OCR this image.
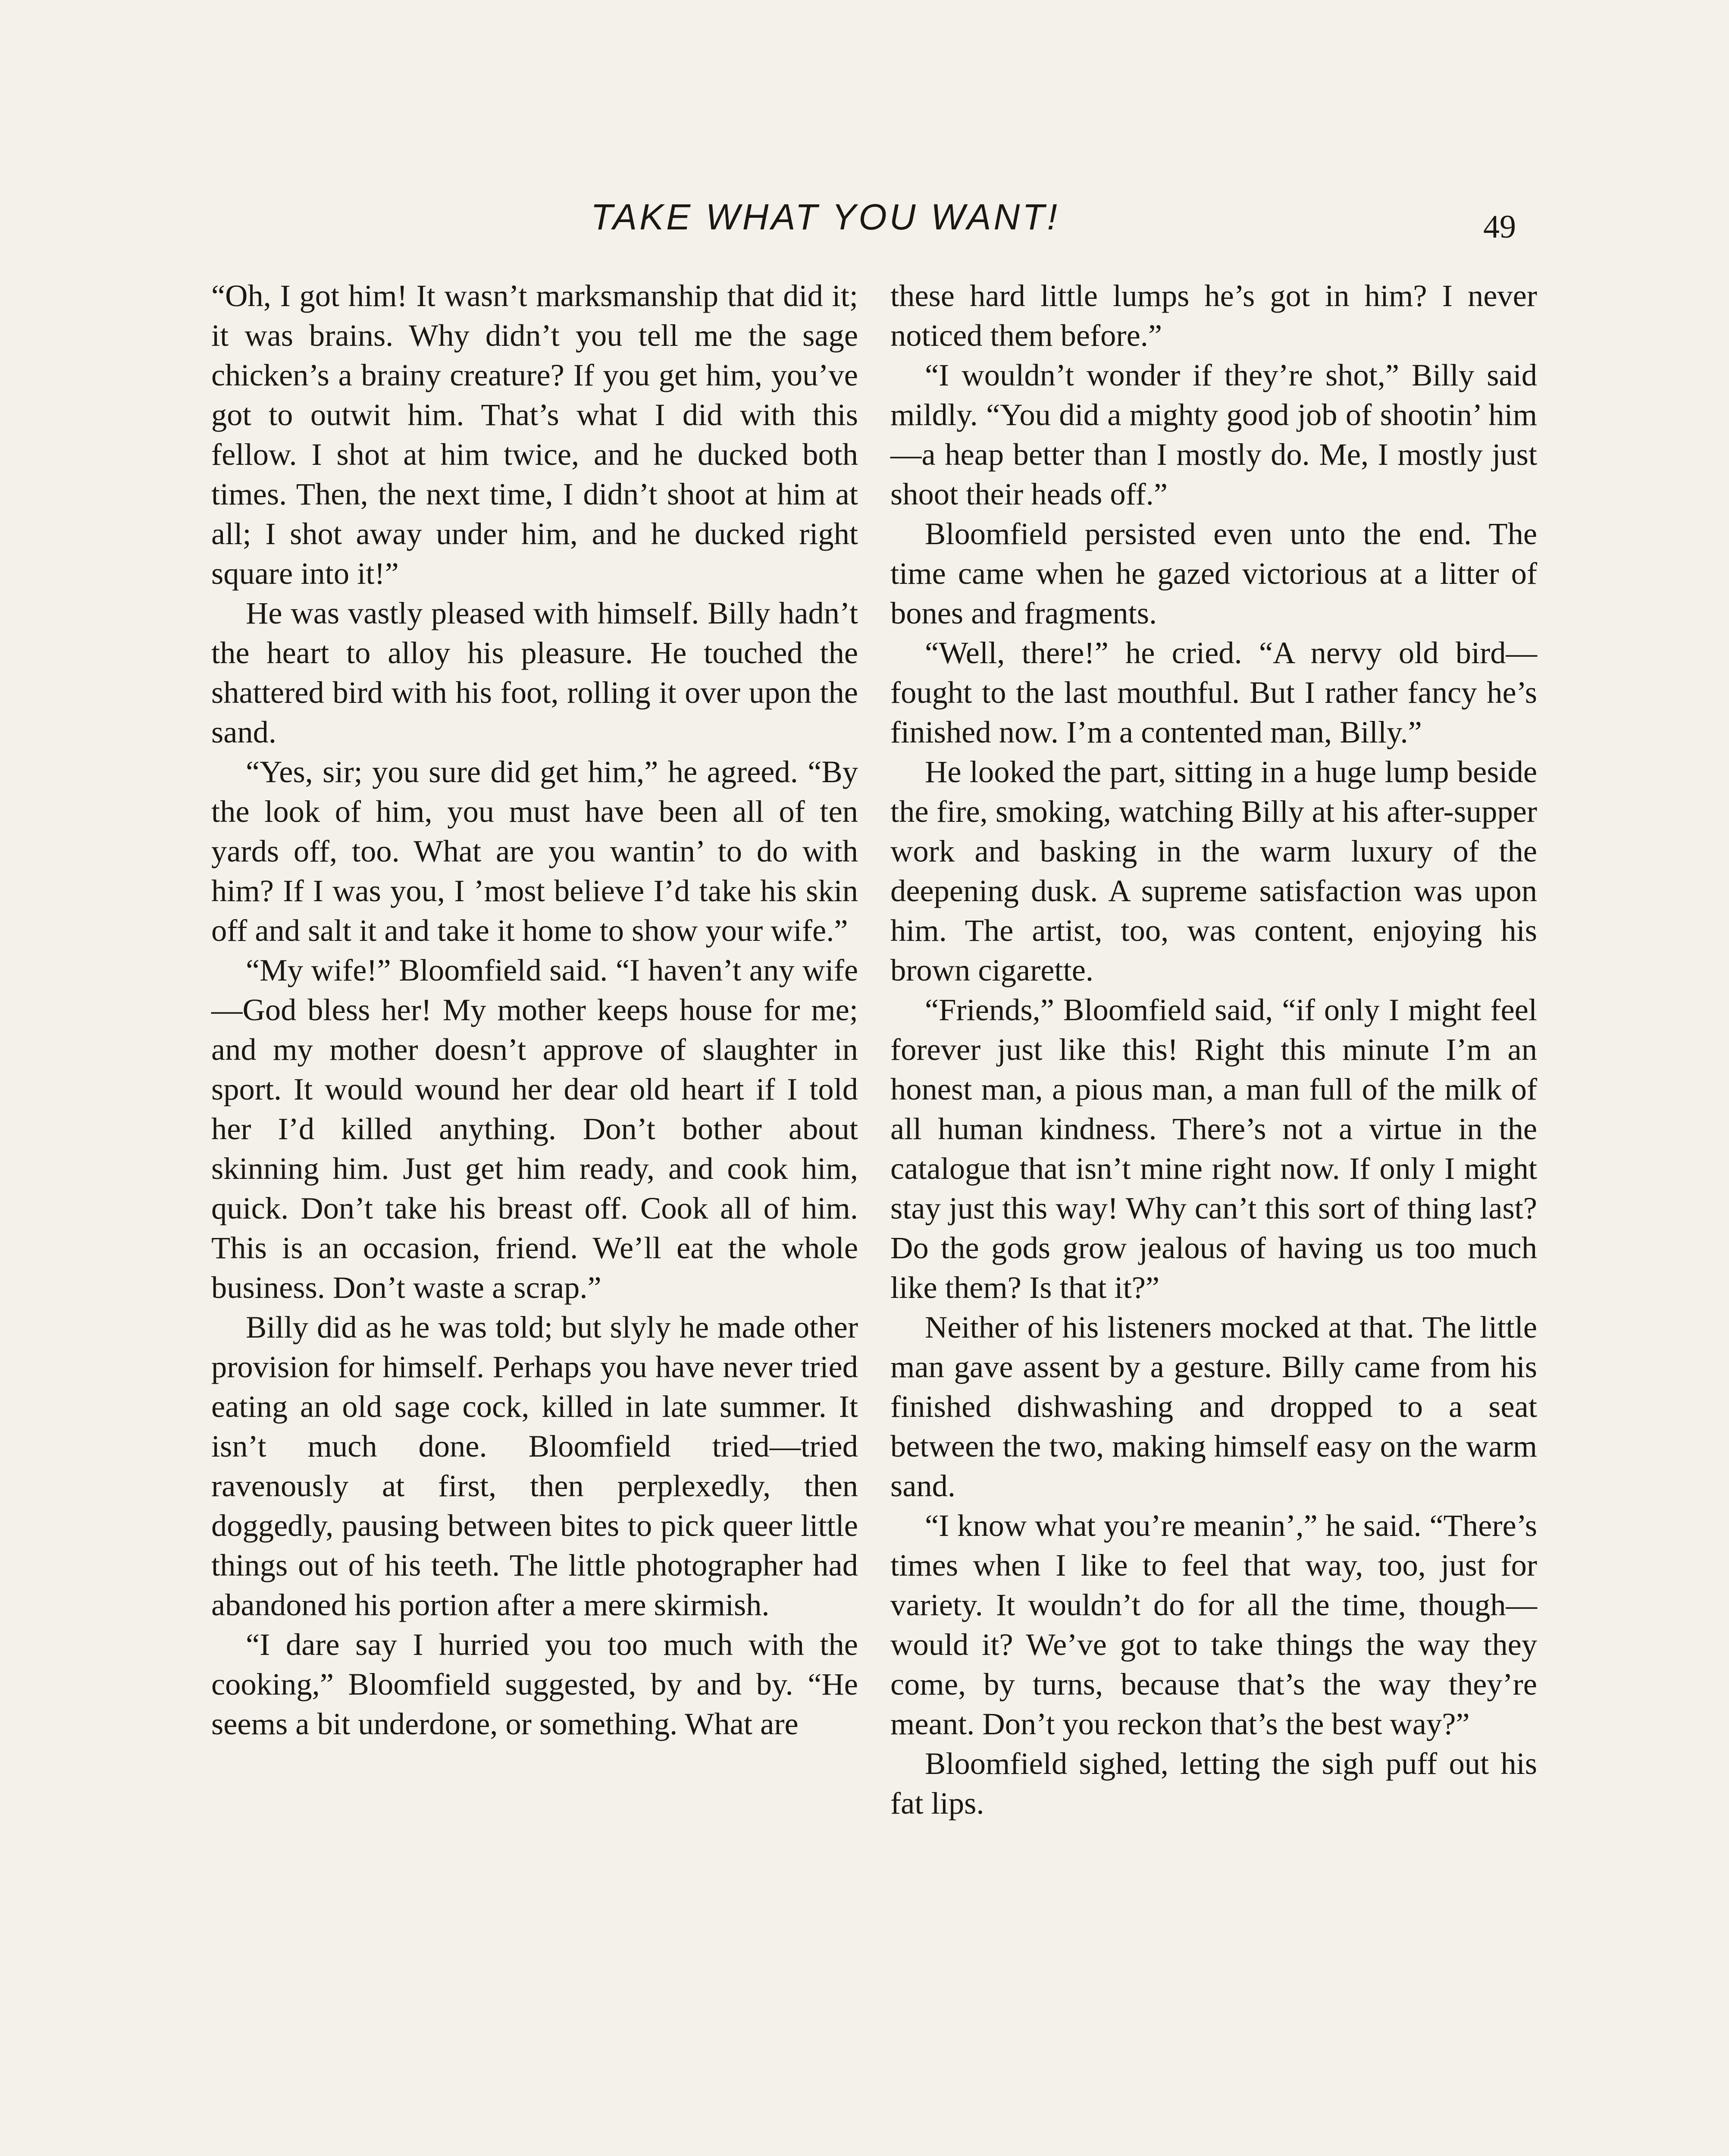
TAKE WHAT YOU WANT!	49

“Oh, I got him! It wasn’t marksmanship that did it; it was brains. Why didn’t you tell me the sage chicken’s a brainy creature? If you get him, you’ve got to outwit him. That’s what I did with this fellow. I shot at him twice, and he ducked both times. Then, the next time, I didn’t shoot at him at all; I shot away under him, and he ducked right square into it!”

He was vastly pleased with himself. Billy hadn’t the heart to alloy his pleasure. He touched the shattered bird with his foot, rolling it over upon the sand.

“Yes, sir; you sure did get him,” he agreed. “By the look of him, you must have been all of ten yards off, too. What are you wantin’ to do with him? If I was you, I ’most believe I’d take his skin off and salt it and take it home to show your wife.”

“My wife!” Bloomfield said. “I haven’t any wife—God bless her! My mother keeps house for me; and my mother doesn’t approve of slaughter in sport. It would wound her dear old heart if I told her I’d killed anything. Don’t bother about skinning him. Just get him ready, and cook him, quick. Don’t take his breast off. Cook all of him. This is an occasion, friend. We’ll eat the whole business. Don’t waste a scrap.”

Billy did as he was told; but slyly he made other provision for himself. Perhaps you have never tried eating an old sage cock, killed in late summer. It isn’t much done. Bloomfield tried—tried ravenously at first, then perplexedly, then doggedly, pausing between bites to pick queer little things out of his teeth. The little photographer had abandoned his portion after a mere skirmish.

“I dare say I hurried you too much with the cooking,” Bloomfield suggested, by and by. “He seems a bit underdone, or something. What are

these hard little lumps he’s got in him? I never noticed them before.”

“I wouldn’t wonder if they’re shot,” Billy said mildly. “You did a mighty good job of shootin’ him—a heap better than I mostly do. Me, I mostly just shoot their heads off.”

Bloomfield persisted even unto the end. The time came when he gazed victorious at a litter of bones and fragments.

“Well, there!” he cried. “A nervy old bird—fought to the last mouthful. But I rather fancy he’s finished now. I’m a contented man, Billy.”

He looked the part, sitting in a huge lump beside the fire, smoking, watching Billy at his after-supper work and basking in the warm luxury of the deepening dusk. A supreme satisfaction was upon him. The artist, too, was content, enjoying his brown cigarette.

“Friends,” Bloomfield said, “if only I might feel forever just like this! Right this minute I’m an honest man, a pious man, a man full of the milk of all human kindness. There’s not a virtue in the catalogue that isn’t mine right now. If only I might stay just this way! Why can’t this sort of thing last? Do the gods grow jealous of having us too much like them? Is that it?”

Neither of his listeners mocked at that. The little man gave assent by a gesture. Billy came from his finished dishwashing and dropped to a seat between the two, making himself easy on the warm sand.

“I know what you’re meanin’,” he said. “There’s times when I like to feel that way, too, just for variety. It wouldn’t do for all the time, though—would it? We’ve got to take things the way they come, by turns, because that’s the way they’re meant. Don’t you reckon that’s the best way?”

Bloomfield sighed, letting the sigh puff out his fat lips.
